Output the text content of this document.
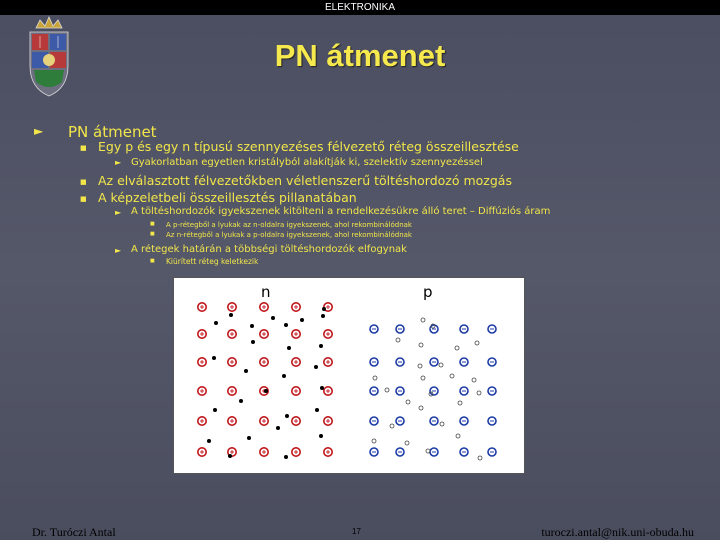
ELEKTRONIKA
PN átmenet
► PN átmenet
■ Egy p és egy n típusú szennyezéses félvezető réteg összeillesztése
► Gyakorlatban egyetlen kristályból alakítják ki, szelektív szennyezéssel
■ Az elválasztott félvezetőkben véletlenszerű töltéshordozó mozgás
■ A képzeletbeli összeillesztés pillanatában
► A töltéshordozók igyekszenek kitölteni a rendelkezésükre álló teret – Diffúziós áram
■ A p-rétegből a lyukak az n-oldalra igyekszenek, ahol rekombinálódnak
■ Az n-rétegből a lyukak a p-oldalra igyekszenek, ahol rekombinálódnak
► A rétegek határán a többségi töltéshordozók elfogynak
■ Kiürített réteg keletkezik
n	p
Dr. Turóczi Antal	17	turoczi.antal@nik.uni-obuda.hu
